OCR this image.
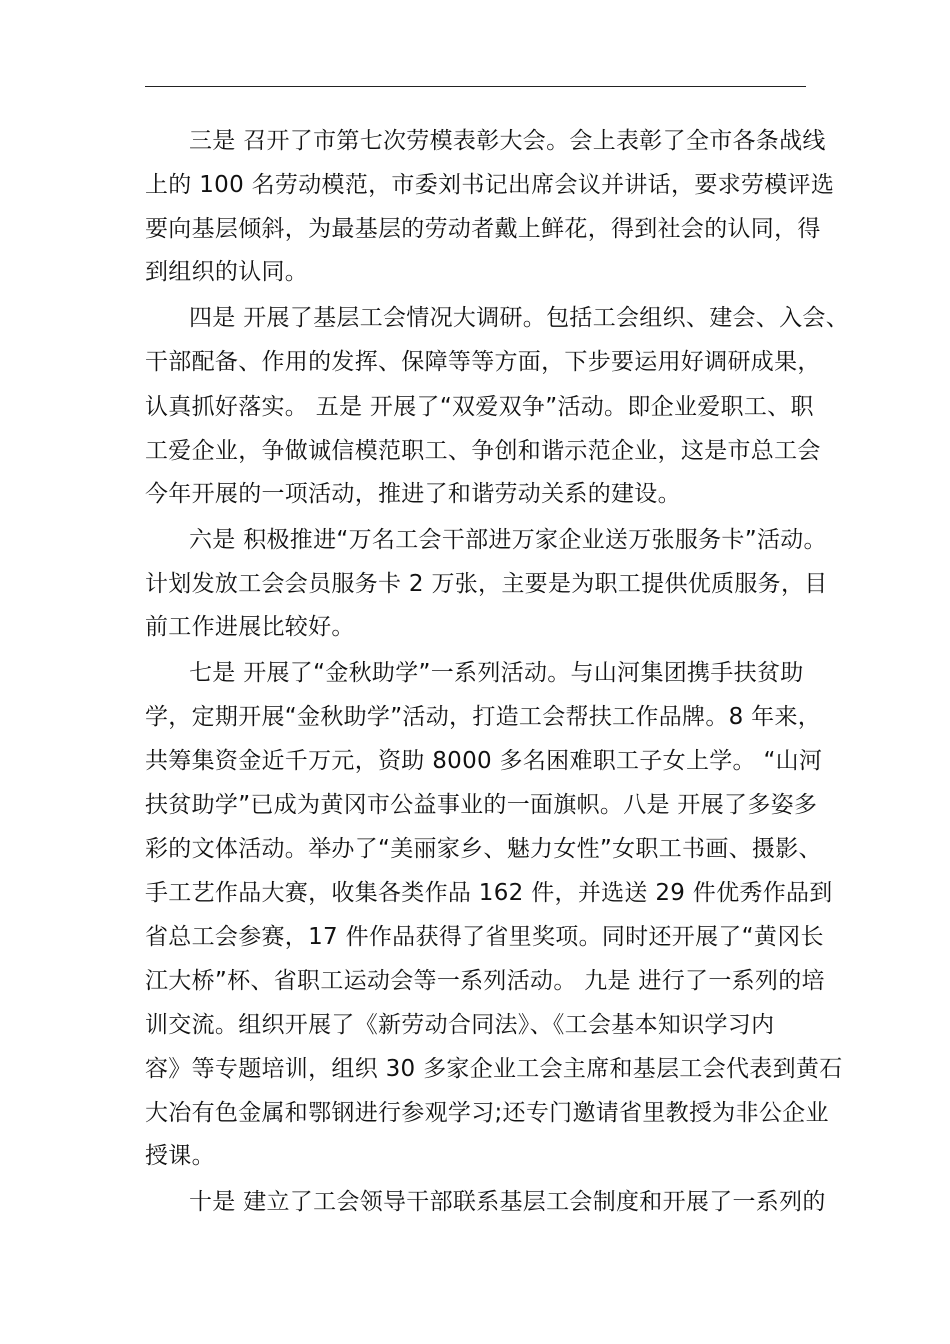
三是 召开了市第七次劳模表彰大会。会上表彰了全市各条战线
上的 100 名劳动模范，市委刘书记出席会议并讲话，要求劳模评选
要向基层倾斜，为最基层的劳动者戴上鲜花，得到社会的认同，得
到组织的认同。
四是 开展了基层工会情况大调研。包括工会组织、建会、入会、
干部配备、作用的发挥、保障等等方面，下步要运用好调研成果，
认真抓好落实。 五是 开展了“双爱双争”活动。即企业爱职工、职
工爱企业，争做诚信模范职工、争创和谐示范企业，这是市总工会
今年开展的一项活动，推进了和谐劳动关系的建设。
六是 积极推进“万名工会干部进万家企业送万张服务卡”活动。
计划发放工会会员服务卡 2 万张，主要是为职工提供优质服务，目
前工作进展比较好。
七是 开展了“金秋助学”一系列活动。与山河集团携手扶贫助
学，定期开展“金秋助学”活动，打造工会帮扶工作品牌。8 年来，
共筹集资金近千万元，资助 8000 多名困难职工子女上学。 “山河
扶贫助学”已成为黄冈市公益事业的一面旗帜。八是 开展了多姿多
彩的文体活动。举办了“美丽家乡、魅力女性”女职工书画、摄影、
手工艺作品大赛，收集各类作品 162 件，并选送 29 件优秀作品到
省总工会参赛，17 件作品获得了省里奖项。同时还开展了“黄冈长
江大桥”杯、省职工运动会等一系列活动。 九是 进行了一系列的培
训交流。组织开展了《新劳动合同法》、《工会基本知识学习内
容》等专题培训，组织 30 多家企业工会主席和基层工会代表到黄石
大冶有色金属和鄂钢进行参观学习;还专门邀请省里教授为非公企业
授课。
十是 建立了工会领导干部联系基层工会制度和开展了一系列的
